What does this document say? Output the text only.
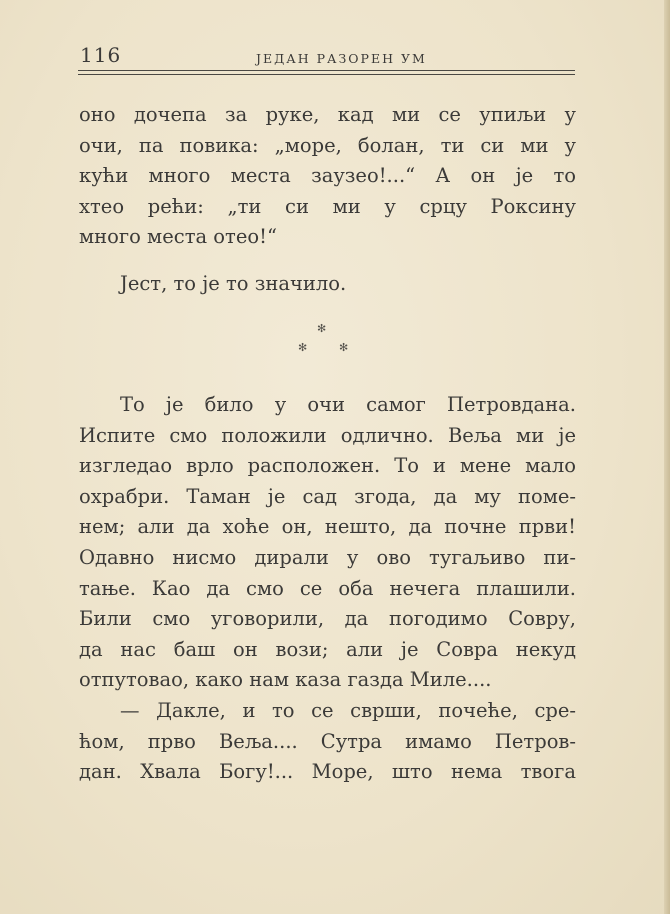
116	ЈЕДАН РАЗОРЕН УМ
оно дочепа за руке, кад ми се упиљи у
очи, па повика: „море, болан, ти си ми у
кући много места заузео!...“ А он је то
хтео рећи: „ти си ми у срцу Роксину
много места отео!“
Јест, то је то значило.
✻
✻	✻
То је било у очи самог Петровдана.
Испите смо положили одлично. Веља ми је
изгледао врло расположен. То и мене мало
охрабри. Таман је сад згода, да му поме-
нем; али да хоће он, нешто, да почне први!
Одавно нисмо дирали у ово тугаљиво пи-
тање. Као да смо се оба нечега плашили.
Били смо уговорили, да погодимо Совру,
да нас баш он вози; али је Совра некуд
отпутовао, како нам каза газда Миле....
— Дакле, и то се сврши, почеће, сре-
ћом, прво Веља.... Сутра имамо Петров-
дан. Хвала Богу!... Море, што нема твога
